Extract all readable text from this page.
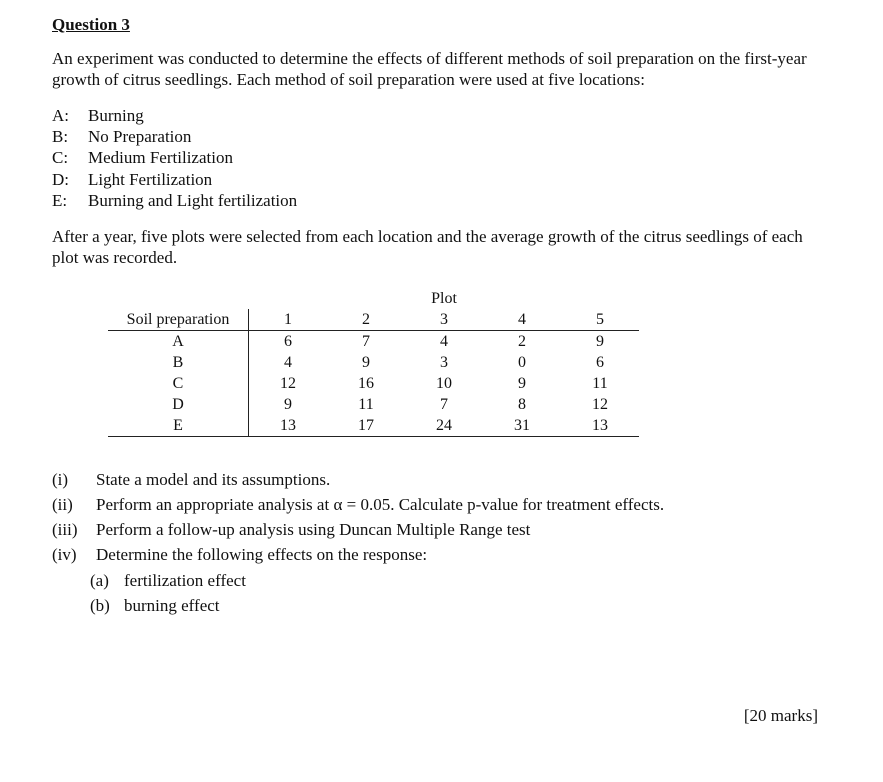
Question 3
An experiment was conducted to determine the effects of different methods of soil preparation on the first-year growth of citrus seedlings. Each method of soil preparation were used at five locations:
A: Burning
B: No Preparation
C: Medium Fertilization
D: Light Fertilization
E: Burning and Light fertilization
After a year, five plots were selected from each location and the average growth of the citrus seedlings of each plot was recorded.
			Plot		
Soil preparation	1	2	3	4	5
A	6	7	4	2	9
B	4	9	3	0	6
C	12	16	10	9	11
D	9	11	7	8	12
E	13	17	24	31	13
(i) State a model and its assumptions.
(ii) Perform an appropriate analysis at α = 0.05. Calculate p-value for treatment effects.
(iii) Perform a follow-up analysis using Duncan Multiple Range test
(iv) Determine the following effects on the response:
(a) fertilization effect
(b) burning effect
[20 marks]
